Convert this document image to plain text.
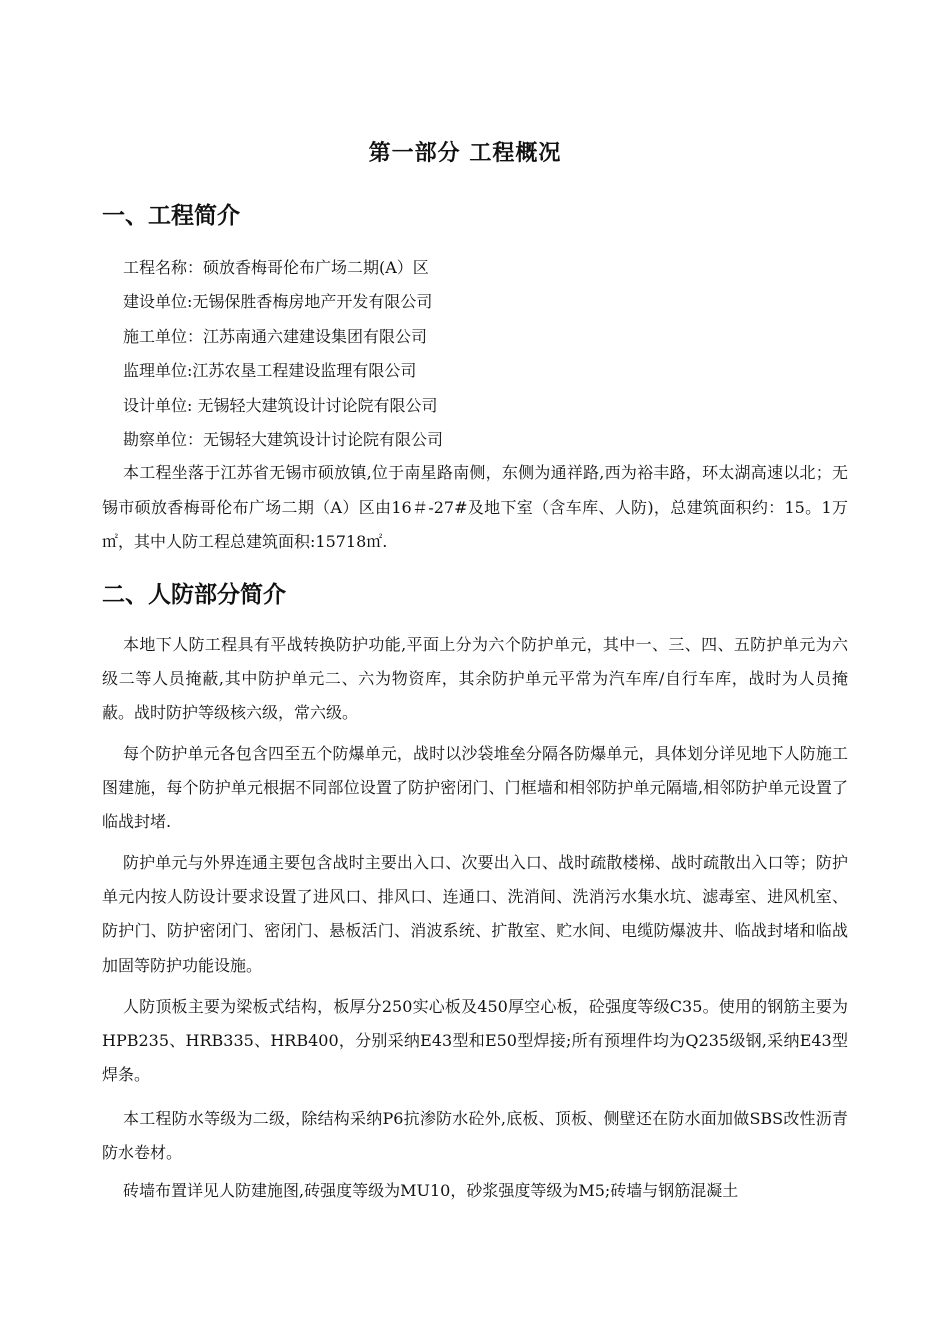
第一部分 工程概况
一、工程简介
工程名称：硕放香梅哥伦布广场二期(A）区
建设单位:无锡保胜香梅房地产开发有限公司
施工单位：江苏南通六建建设集团有限公司
监理单位:江苏农垦工程建设监理有限公司
设计单位: 无锡轻大建筑设计讨论院有限公司
勘察单位：无锡轻大建筑设计讨论院有限公司

本工程坐落于江苏省无锡市硕放镇,位于南星路南侧，东侧为通祥路,西为裕丰路，环太湖高速以北；无锡市硕放香梅哥伦布广场二期（A）区由16＃-27#及地下室（含车库、人防)，总建筑面积约：15。1万㎡，其中人防工程总建筑面积:15718㎡.

二、人防部分简介

本地下人防工程具有平战转换防护功能,平面上分为六个防护单元，其中一、三、四、五防护单元为六级二等人员掩蔽,其中防护单元二、六为物资库，其余防护单元平常为汽车库/自行车库，战时为人员掩蔽。战时防护等级核六级，常六级。

每个防护单元各包含四至五个防爆单元，战时以沙袋堆垒分隔各防爆单元，具体划分详见地下人防施工图建施，每个防护单元根据不同部位设置了防护密闭门、门框墙和相邻防护单元隔墙,相邻防护单元设置了临战封堵.

防护单元与外界连通主要包含战时主要出入口、次要出入口、战时疏散楼梯、战时疏散出入口等；防护单元内按人防设计要求设置了进风口、排风口、连通口、洗消间、洗消污水集水坑、滤毒室、进风机室、防护门、防护密闭门、密闭门、悬板活门、消波系统、扩散室、贮水间、电缆防爆波井、临战封堵和临战加固等防护功能设施。

人防顶板主要为梁板式结构，板厚分250实心板及450厚空心板，砼强度等级C35。使用的钢筋主要为HPB235、HRB335、HRB400，分别采纳E43型和E50型焊接;所有预埋件均为Q235级钢,采纳E43型焊条。

本工程防水等级为二级，除结构采纳P6抗渗防水砼外,底板、顶板、侧壁还在防水面加做SBS改性沥青防水卷材。

砖墙布置详见人防建施图,砖强度等级为MU10，砂浆强度等级为M5;砖墙与钢筋混凝土
